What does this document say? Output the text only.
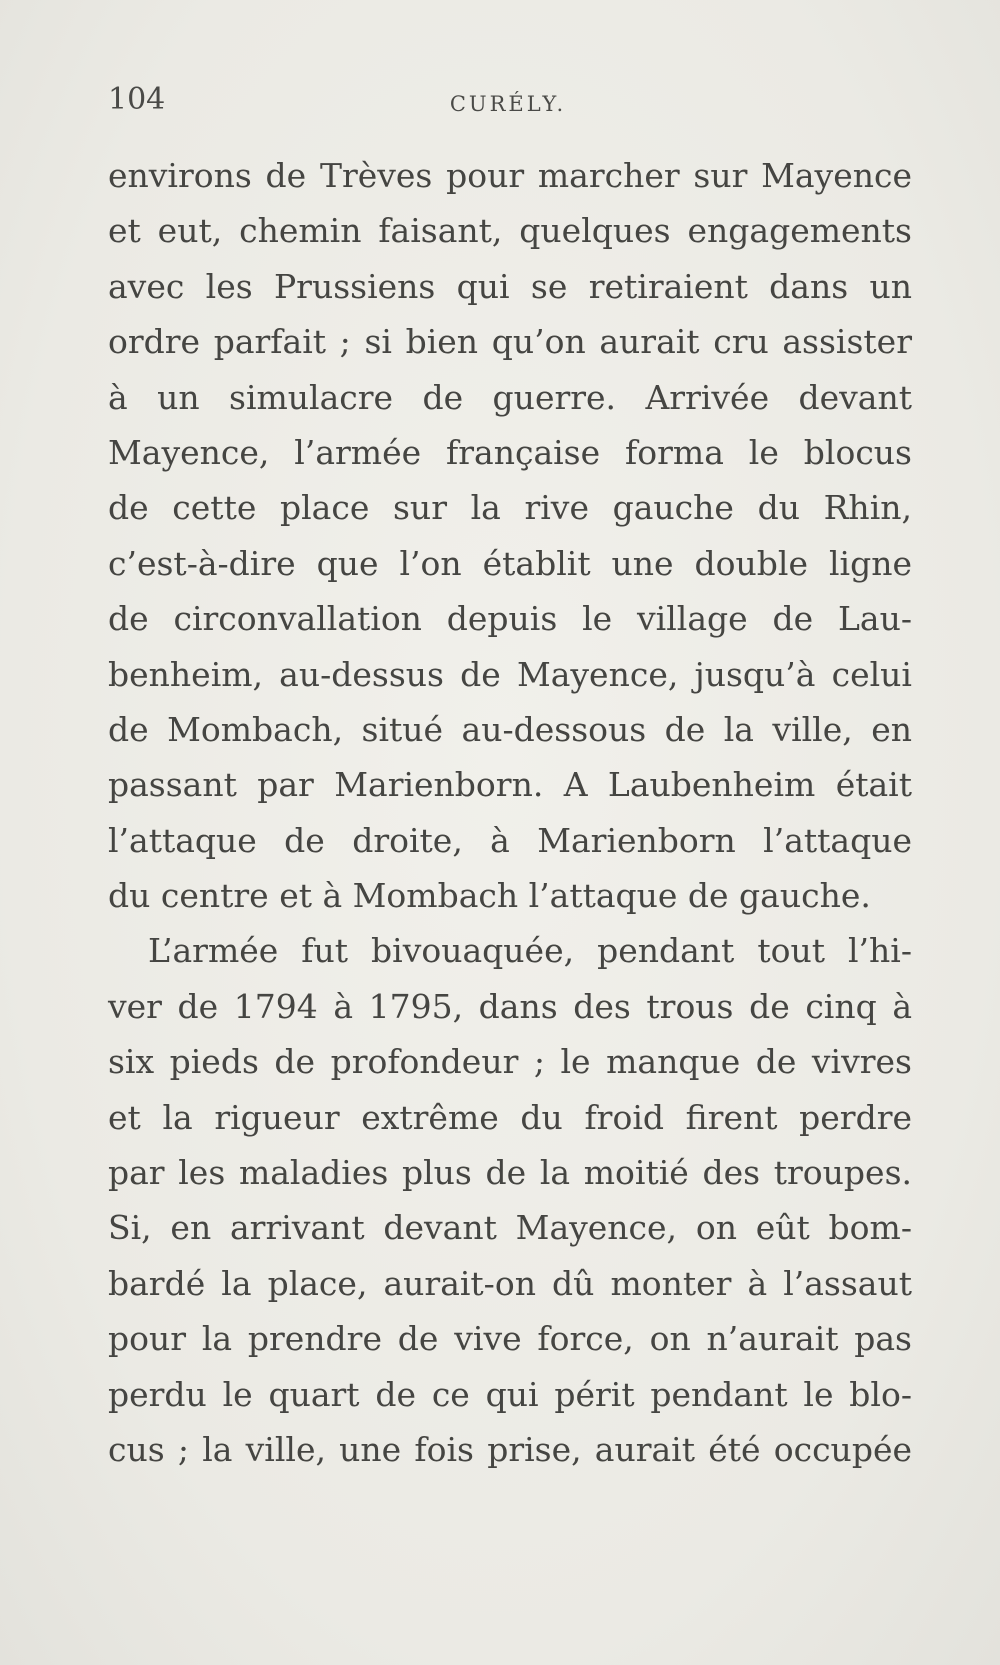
104	CURÉLY.
environs de Trèves pour marcher sur Mayence
et eut, chemin faisant, quelques engagements
avec les Prussiens qui se retiraient dans un
ordre parfait ; si bien qu’on aurait cru assister
à un simulacre de guerre. Arrivée devant
Mayence, l’armée française forma le blocus
de cette place sur la rive gauche du Rhin,
c’est-à-dire que l’on établit une double ligne
de circonvallation depuis le village de Lau-
benheim, au-dessus de Mayence, jusqu’à celui
de Mombach, situé au-dessous de la ville, en
passant par Marienborn. A Laubenheim était
l’attaque de droite, à Marienborn l’attaque
du centre et à Mombach l’attaque de gauche.
L’armée fut bivouaquée, pendant tout l’hi-
ver de 1794 à 1795, dans des trous de cinq à
six pieds de profondeur ; le manque de vivres
et la rigueur extrême du froid firent perdre
par les maladies plus de la moitié des troupes.
Si, en arrivant devant Mayence, on eût bom-
bardé la place, aurait-on dû monter à l’assaut
pour la prendre de vive force, on n’aurait pas
perdu le quart de ce qui périt pendant le blo-
cus ; la ville, une fois prise, aurait été occupée
